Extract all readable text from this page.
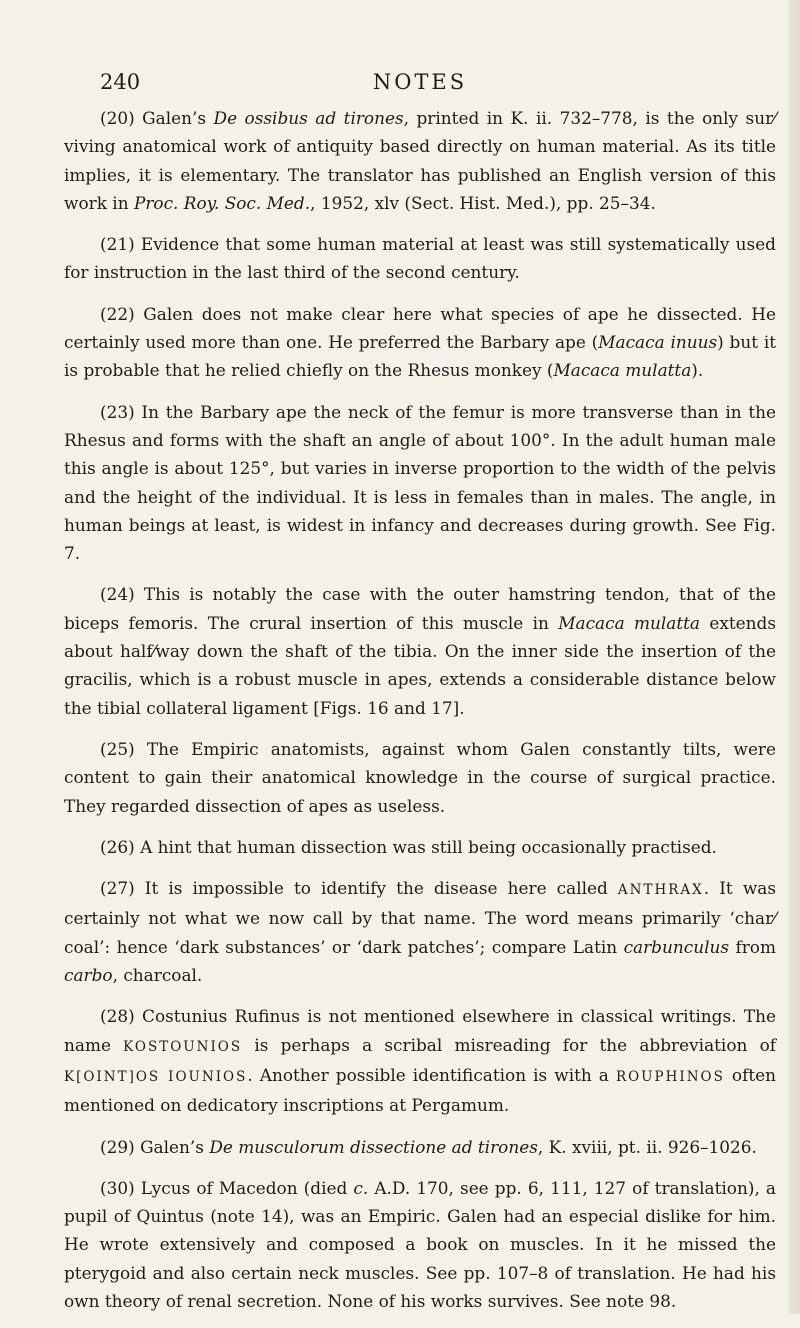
240	NOTES

(20) Galen’s De ossibus ad tirones, printed in K. ii. 732–778, is the only sur⁄ viving anatomical work of antiquity based directly on human material. As its title implies, it is elementary. The translator has published an English version of this work in Proc. Roy. Soc. Med., 1952, xlv (Sect. Hist. Med.), pp. 25–34.

(21) Evidence that some human material at least was still systematically used for instruction in the last third of the second century.

(22) Galen does not make clear here what species of ape he dissected. He certainly used more than one. He preferred the Barbary ape (Macaca inuus) but it is probable that he relied chiefly on the Rhesus monkey (Macaca mulatta).

(23) In the Barbary ape the neck of the femur is more transverse than in the Rhesus and forms with the shaft an angle of about 100°. In the adult human male this angle is about 125°, but varies in inverse proportion to the width of the pelvis and the height of the individual. It is less in females than in males. The angle, in human beings at least, is widest in infancy and decreases during growth. See Fig. 7.

(24) This is notably the case with the outer hamstring tendon, that of the biceps femoris. The crural insertion of this muscle in Macaca mulatta extends about half⁄way down the shaft of the tibia. On the inner side the insertion of the gracilis, which is a robust muscle in apes, extends a considerable distance below the tibial collateral ligament [Figs. 16 and 17].

(25) The Empiric anatomists, against whom Galen constantly tilts, were content to gain their anatomical knowledge in the course of surgical practice. They regarded dissection of apes as useless.

(26) A hint that human dissection was still being occasionally practised.

(27) It is impossible to identify the disease here called ANTHRAX. It was certainly not what we now call by that name. The word means primarily ‘char⁄ coal’: hence ‘dark substances’ or ‘dark patches’; compare Latin carbunculus from carbo, charcoal.

(28) Costunius Rufinus is not mentioned elsewhere in classical writings. The name KOSTOUNIOS is perhaps a scribal misreading for the abbreviation of K[OINT]OS IOUNIOS. Another possible identification is with a ROUPHINOS often mentioned on dedicatory inscriptions at Pergamum.

(29) Galen’s De musculorum dissectione ad tirones, K. xviii, pt. ii. 926–1026.

(30) Lycus of Macedon (died c. A.D. 170, see pp. 6, 111, 127 of translation), a pupil of Quintus (note 14), was an Empiric. Galen had an especial dislike for him. He wrote extensively and composed a book on muscles. In it he missed the pterygoid and also certain neck muscles. See pp. 107–8 of translation. He had his own theory of renal secretion. None of his works survives. See note 98.
